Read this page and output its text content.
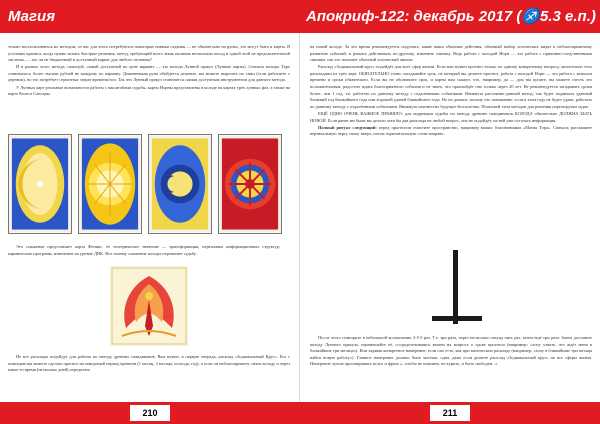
Магия

тельно воспользоваться их методом, от вас для этого потребуются некоторые навыки гадания — не обязательно на рунах, это могут быть и карты. В условиях кризиса, когда нужно искать быстрые решения, метод, требующий всего лишь наличия нескольких колод и одной этой не предсказательной системы, — это ли не бюджетный и доступный каркас для любого человека?

И в рамках этого метода, пожалуй, самый доступный по цене вариант — это колода Лунной оракул (Лунные карты). Сначала колоды Таро становилось более тысячи рублей не каждому по карману. Дешевенькая руна обойдется дешевле, вы можете вырезать их сами (если работаете с деревом), но это потребует серьезных затрат времени/сил. Так что Лунный оракул становится самым доступным инструментом для данного метода.

У Лунных карт реальные возможности работы с масштабами судьбы, карты Норны представлены в колоде на картах трёх лунных фаз, а также на карте Колеса Сансары.

Это сожжение представляет карта Феникс, её эзотерическое значение — трансформация, переплавка информационных структур, кармических программ, изменение на уровне ДНК. Вот почему сожжение колоды перепишет судьбу.

Не все расклады подойдут для работы по методу древних скандинавов. Вам нужен, в первую очередь, расклад «Зодиакальный Круг». Его с помощью вы можете сделать прогноз на заведомый период времени (1 месяц, 3 месяца, полгода, год), а если он неблагоприятен, снять колоду и через какое-то время (несколько дней) переделать

210
Апокриф-122: декабрь 2017 (♐5.3 е.п.)

на новой колоде. За это время рекомендуется подумать, какие ваши обычные действия, обычный выбор логических видят к неблагоприятному развитию событий, и решить действовать по-другому, изменить тактику. Ведь работа с колодой Норн — это работа с причинно-следственными связями, так что поможет обычный логический анализ.

Расклад «Зодиакальный круг» подойдёт для всех сфер жизни. Если вам нужен прогноз только по одному конкретному вопросу, желательно тесь раскладами из трёх карт. ОБЯЗАТЕЛЬНО точно загадывайте срок, не который вы делаете прогноз, работа с колодой Норн — это работа с каналом времени и сроки обязательно. Если вы не обозначите срок, и карты вам скажут, что, например, да — дом вы купите, вы можете счесть это положительным, радостно ждать благоприятного события и не знать, что произойдёт оно только через 20 лет. Не рекомендуется загадывать сроки более, чем 1 год, т.к. работать по данному методу с отдалёнными событиями. Вникнуть рассеянно-данный метод, так будет подавлять удачный ближний год ближайшего года или хорошей удачей ближайшего года. Но не дальше, потому что понимание: если в этом году не будет удачи, работать по данному методу с отдалёнными событиями. Вникнуть неизвестно будущее бесполезны. Попыткой этом методов для решения перезагрузки задач.

ЕЩЁ ОДНО ОЧЕНЬ ВАЖНОЕ ПРАВИЛО: для коррекции судьбы по методу древних скандинавов КОЛОДА обязательно ДОЛЖНА БЫТЬ НОВОЙ. Если ранее им были вы делали хотя бы два расклада на любой вопрос, она не подойдёт, на ней уже осталась информация.

Полный ритуал следующий: перед прогнозом очистите пространство, например ваших благовониями «Магия Тора». Сначала расскажите вертикальную черту снизу вверх, потом горизонтальную слева направо.

После этого повторите в небольшой колокольчик 3-5-3 раз. Т.е. три раза, через несколько секунд пять раз, затем ещё три раза. Затем достаньте колоду Лунного оракула, перемешайте её, сосредоточившись вашем на вопросе о сроке прогноза (например: «хочу узнать, что ждёт меня в ближайшие три месяца»). Или задавая конкретное намерение, если оно есть, как при магическом раскладе (например: «хочу в ближайшие три месяца найти новую работу»). Главное намерение должно быть чистым, одна, даже если делаете расклад «Зодиакальный круг» на все сферы жизни. Намерение лучше проговаривать вслух и фраза «...чтобы не помнить, не курить, и быть свободен...»

211
